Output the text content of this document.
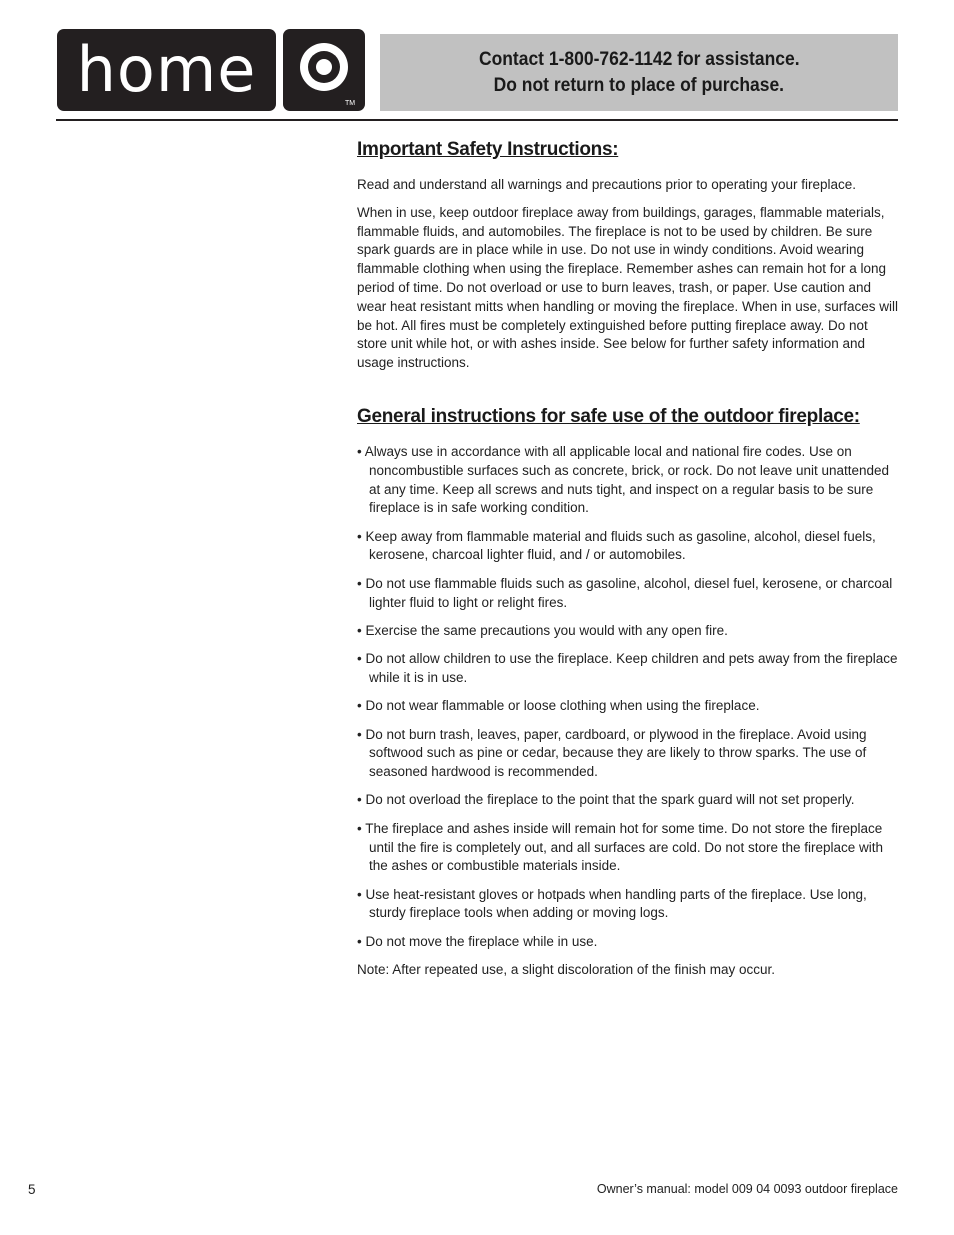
home	TM
Contact 1-800-762-1142 for assistance.
Do not return to place of purchase.
Important Safety Instructions:

Read and understand all warnings and precautions prior to operating your fireplace.

When in use, keep outdoor fireplace away from buildings, garages, flammable materials, flammable fluids, and automobiles. The fireplace is not to be used by children. Be sure spark guards are in place while in use. Do not use in windy conditions. Avoid wearing flammable clothing when using the fireplace. Remember ashes can remain hot for a long period of time. Do not overload or use to burn leaves, trash, or paper. Use caution and wear heat resistant mitts when handling or moving the fireplace. When in use, surfaces will be hot. All fires must be completely extinguished before putting fireplace away. Do not store unit while hot, or with ashes inside. See below for further safety information and usage instructions.

General instructions for safe use of the outdoor fireplace:
• Always use in accordance with all applicable local and national fire codes. Use on noncombustible surfaces such as concrete, brick, or rock. Do not leave unit unattended at any time. Keep all screws and nuts tight, and inspect on a regular basis to be sure fireplace is in safe working condition.
• Keep away from flammable material and fluids such as gasoline, alcohol, diesel fuels, kerosene, charcoal lighter fluid, and / or automobiles.
• Do not use flammable fluids such as gasoline, alcohol, diesel fuel, kerosene, or charcoal lighter fluid to light or relight fires.
• Exercise the same precautions you would with any open fire.
• Do not allow children to use the fireplace. Keep children and pets away from the fireplace while it is in use.
• Do not wear flammable or loose clothing when using the fireplace.
• Do not burn trash, leaves, paper, cardboard, or plywood in the fireplace. Avoid using softwood such as pine or cedar, because they are likely to throw sparks. The use of seasoned hardwood is recommended.
• Do not overload the fireplace to the point that the spark guard will not set properly.
• The fireplace and ashes inside will remain hot for some time. Do not store the fireplace until the fire is completely out, and all surfaces are cold. Do not store the fireplace with the ashes or combustible materials inside.
• Use heat-resistant gloves or hotpads when handling parts of the fireplace. Use long, sturdy fireplace tools when adding or moving logs.
• Do not move the fireplace while in use.

Note: After repeated use, a slight discoloration of the finish may occur.

5	Owner’s manual: model 009 04 0093 outdoor fireplace
